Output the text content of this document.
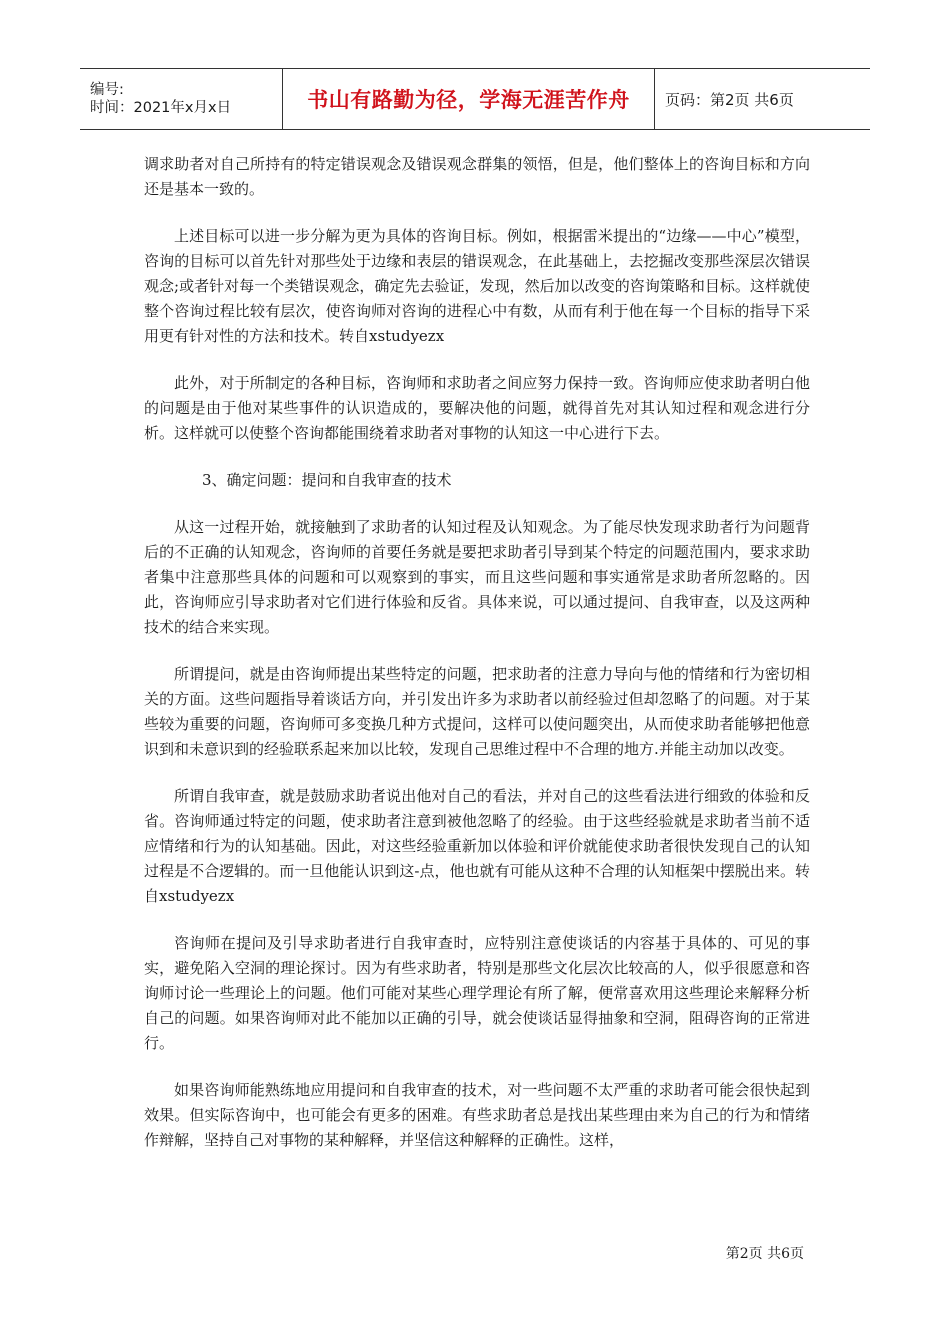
编号:
时间：2021年x月x日	书山有路勤为径，学海无涯苦作舟	页码：第2页 共6页

调求助者对自己所持有的特定错误观念及错误观念群集的领悟，但是，他们整体上的咨询目标和方向还是基本一致的。

上述目标可以进一步分解为更为具体的咨询目标。例如，根据雷米提出的“边缘——中心”模型，咨询的目标可以首先针对那些处于边缘和表层的错误观念，在此基础上，去挖掘改变那些深层次错误观念;或者针对每一个类错误观念，确定先去验证，发现，然后加以改变的咨询策略和目标。这样就使整个咨询过程比较有层次，使咨询师对咨询的进程心中有数，从而有利于他在每一个目标的指导下采用更有针对性的方法和技术。转自xstudyezx

此外，对于所制定的各种目标，咨询师和求助者之间应努力保持一致。咨询师应使求助者明白他的问题是由于他对某些事件的认识造成的，要解决他的问题，就得首先对其认知过程和观念进行分析。这样就可以使整个咨询都能围绕着求助者对事物的认知这一中心进行下去。

3、确定问题：提问和自我审查的技术

从这一过程开始，就接触到了求助者的认知过程及认知观念。为了能尽快发现求助者行为问题背后的不正确的认知观念，咨询师的首要任务就是要把求助者引导到某个特定的问题范围内，要求求助者集中注意那些具体的问题和可以观察到的事实，而且这些问题和事实通常是求助者所忽略的。因此，咨询师应引导求助者对它们进行体验和反省。具体来说，可以通过提问、自我审查，以及这两种技术的结合来实现。

所谓提问，就是由咨询师提出某些特定的问题，把求助者的注意力导向与他的情绪和行为密切相关的方面。这些问题指导着谈话方向，并引发出许多为求助者以前经验过但却忽略了的问题。对于某些较为重要的问题，咨询师可多变换几种方式提问，这样可以使问题突出，从而使求助者能够把他意识到和未意识到的经验联系起来加以比较，发现自己思维过程中不合理的地方.并能主动加以改变。

所谓自我审查，就是鼓励求助者说出他对自己的看法，并对自己的这些看法进行细致的体验和反省。咨询师通过特定的问题，使求助者注意到被他忽略了的经验。由于这些经验就是求助者当前不适应情绪和行为的认知基础。因此，对这些经验重新加以体验和评价就能使求助者很快发现自己的认知过程是不合逻辑的。而一旦他能认识到这-点，他也就有可能从这种不合理的认知框架中摆脱出来。转自xstudyezx

咨询师在提问及引导求助者进行自我审查时，应特别注意使谈话的内容基于具体的、可见的事实，避免陷入空洞的理论探讨。因为有些求助者，特别是那些文化层次比较高的人，似乎很愿意和咨询师讨论一些理论上的问题。他们可能对某些心理学理论有所了解，便常喜欢用这些理论来解释分析自己的问题。如果咨询师对此不能加以正确的引导，就会使谈话显得抽象和空洞，阻碍咨询的正常进行。

如果咨询师能熟练地应用提问和自我审查的技术，对一些问题不太严重的求助者可能会很快起到效果。但实际咨询中，也可能会有更多的困难。有些求助者总是找出某些理由来为自己的行为和情绪作辩解，坚持自己对事物的某种解释，并坚信这种解释的正确性。这样，

第2页 共6页
